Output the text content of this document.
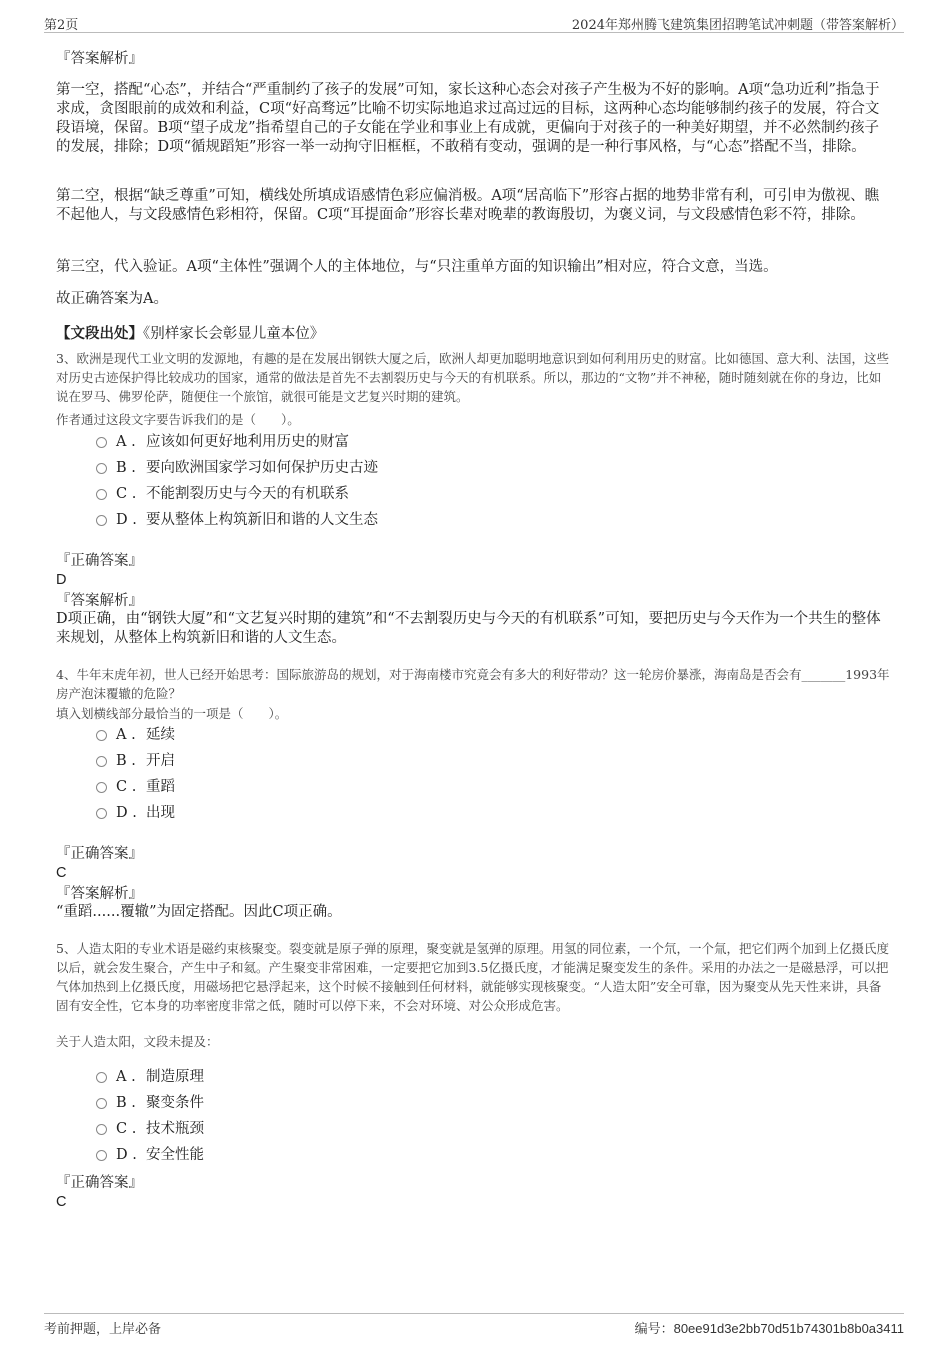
第2页	2024年郑州腾飞建筑集团招聘笔试冲刺题（带答案解析）
『答案解析』
第一空，搭配“心态”，并结合“严重制约了孩子的发展”可知，家长这种心态会对孩子产生极为不好的影响。A项“急功近利”指急于求成，贪图眼前的成效和利益，C项“好高骛远”比喻不切实际地追求过高过远的目标，这两种心态均能够制约孩子的发展，符合文段语境，保留。B项“望子成龙”指希望自己的子女能在学业和事业上有成就，更偏向于对孩子的一种美好期望，并不必然制约孩子的发展，排除；D项“循规蹈矩”形容一举一动拘守旧框框，不敢稍有变动，强调的是一种行事风格，与“心态”搭配不当，排除。
第二空，根据“缺乏尊重”可知，横线处所填成语感情色彩应偏消极。A项“居高临下”形容占据的地势非常有利，可引申为傲视、瞧不起他人，与文段感情色彩相符，保留。C项“耳提面命”形容长辈对晚辈的教诲殷切，为褒义词，与文段感情色彩不符，排除。
第三空，代入验证。A项“主体性”强调个人的主体地位，与“只注重单方面的知识输出”相对应，符合文意，当选。
故正确答案为A。
【文段出处】《别样家长会彰显儿童本位》
3、欧洲是现代工业文明的发源地，有趣的是在发展出钢铁大厦之后，欧洲人却更加聪明地意识到如何利用历史的财富。比如德国、意大利、法国，这些对历史古迹保护得比较成功的国家，通常的做法是首先不去割裂历史与今天的有机联系。所以，那边的“文物”并不神秘，随时随刻就在你的身边，比如说在罗马、佛罗伦萨，随便住一个旅馆，就很可能是文艺复兴时期的建筑。
作者通过这段文字要告诉我们的是（　　）。
A . 应该如何更好地利用历史的财富
B . 要向欧洲国家学习如何保护历史古迹
C . 不能割裂历史与今天的有机联系
D . 要从整体上构筑新旧和谐的人文生态
『正确答案』
D
『答案解析』
D项正确，由“钢铁大厦”和“文艺复兴时期的建筑”和“不去割裂历史与今天的有机联系”可知，要把历史与今天作为一个共生的整体来规划，从整体上构筑新旧和谐的人文生态。
4、牛年末虎年初，世人已经开始思考：国际旅游岛的规划，对于海南楼市究竟会有多大的利好带动？这一轮房价暴涨，海南岛是否会有_______1993年房产泡沫覆辙的危险？
填入划横线部分最恰当的一项是（　　）。
A . 延续
B . 开启
C . 重蹈
D . 出现
『正确答案』
C
『答案解析』
“重蹈......覆辙”为固定搭配。因此C项正确。
5、人造太阳的专业术语是磁约束核聚变。裂变就是原子弹的原理，聚变就是氢弹的原理。用氢的同位素，一个氘，一个氚，把它们两个加到上亿摄氏度以后，就会发生聚合，产生中子和氦。产生聚变非常困难，一定要把它加到3.5亿摄氏度，才能满足聚变发生的条件。采用的办法之一是磁悬浮，可以把气体加热到上亿摄氏度，用磁场把它悬浮起来，这个时候不接触到任何材料，就能够实现核聚变。“人造太阳”安全可靠，因为聚变从先天性来讲，具备固有安全性，它本身的功率密度非常之低，随时可以停下来，不会对环境、对公众形成危害。
关于人造太阳，文段未提及：
A . 制造原理
B . 聚变条件
C . 技术瓶颈
D . 安全性能
『正确答案』
C
考前押题，上岸必备	编号：80ee91d3e2bb70d51b74301b8b0a3411
